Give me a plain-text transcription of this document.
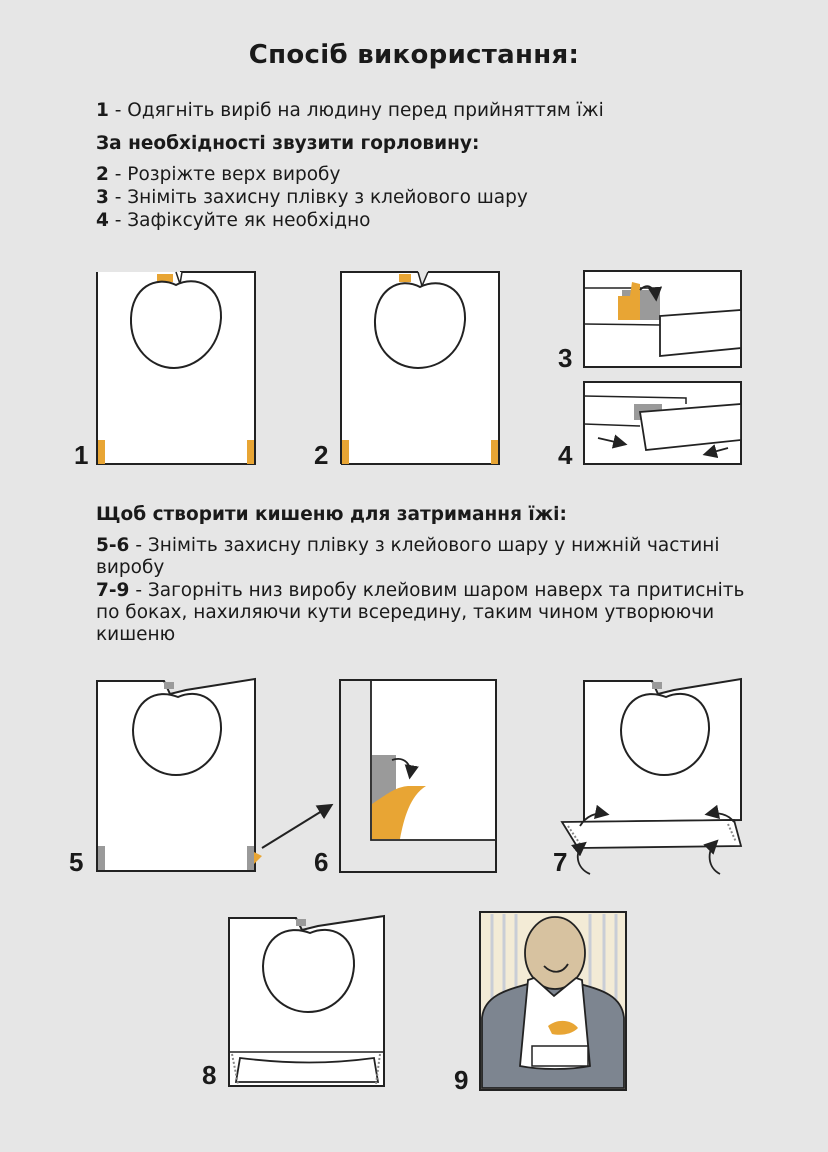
Спосіб використання:
1 - Одягніть виріб на людину перед прийняттям їжі
За необхідності звузити горловину:
2 - Розріжте верх виробу
3 - Зніміть захисну плівку з клейового шару
4 - Зафіксуйте як необхідно
Щоб створити кишеню для затримання їжі:
5-6 - Зніміть захисну плівку з клейового шару у нижній частині виробу
7-9 - Загорніть низ виробу клейовим шаром наверх та притисніть по боках, нахиляючи кути всередину, таким чином утворюючи кишеню
1	2
3
4
5	6	7
8	9
